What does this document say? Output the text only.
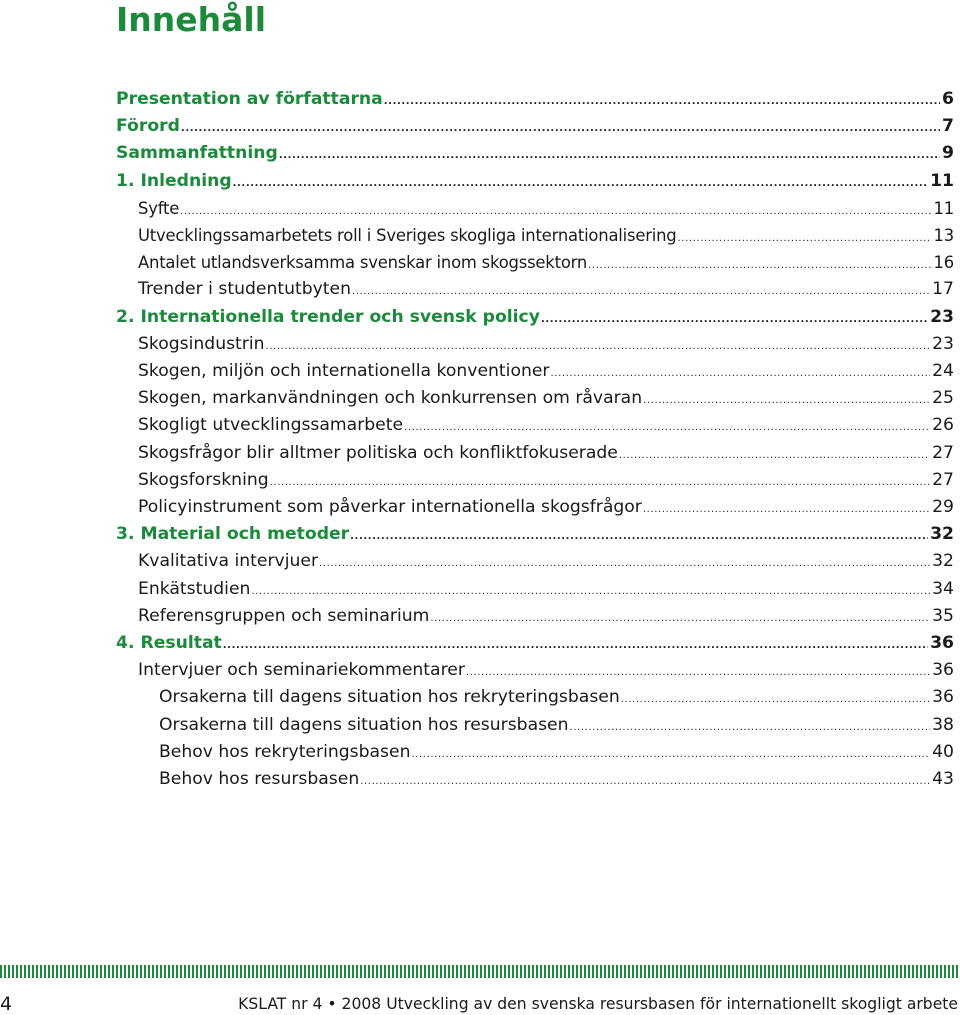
Innehåll
Presentation av författarna .....	6
Förord .....	7
Sammanfattning .....	9
1. Inledning .....	11
Syfte .....	11
Utvecklingssamarbetets roll i Sveriges skogliga internationalisering .....	13
Antalet utlandsverksamma svenskar inom skogssektorn .....	16
Trender i studentutbyten .....	17
2. Internationella trender och svensk policy .....	23
Skogsindustrin .....	23
Skogen, miljön och internationella konventioner .....	24
Skogen, markanvändningen och konkurrensen om råvaran .....	25
Skogligt utvecklingssamarbete .....	26
Skogsfrågor blir alltmer politiska och konfliktfokuserade .....	27
Skogsforskning .....	27
Policyinstrument som påverkar internationella skogsfrågor .....	29
3. Material och metoder .....	32
Kvalitativa intervjuer .....	32
Enkätstudien .....	34
Referensgruppen och seminarium .....	35
4. Resultat .....	36
Intervjuer och seminariekommentarer .....	36
Orsakerna till dagens situation hos rekryteringsbasen .....	36
Orsakerna till dagens situation hos resursbasen .....	38
Behov hos rekryteringsbasen .....	40
Behov hos resursbasen .....	43
4	KSLAT nr 4 • 2008 Utveckling av den svenska resursbasen för internationellt skogligt arbete
